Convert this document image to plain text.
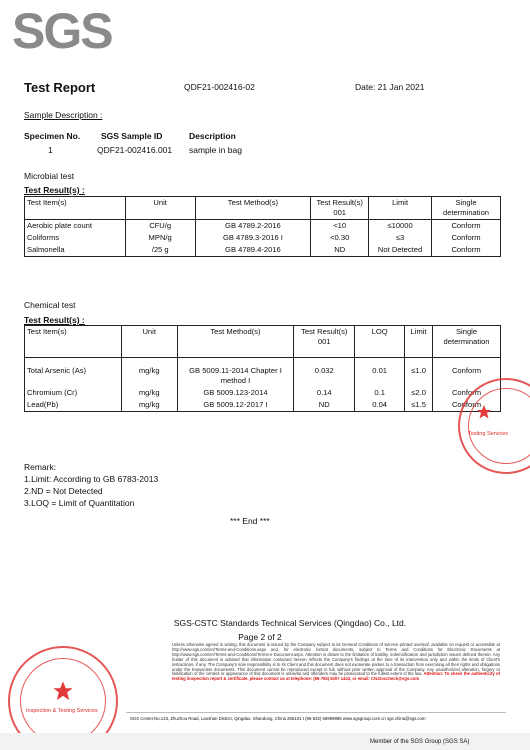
SGS
Test Report	QDF21-002416-02	Date: 21 Jan 2021
Sample Description :
Specimen No. SGS Sample ID	Description
1	QDF21-002416.001 sample in bag
Microbial test
Test Result(s) :
Test Item(s)	Unit	Test Method(s)	Test Result(s)
001	Limit	Single
determination
Aerobic plate count	CFU/g	GB 4789.2-2016	<10	≤10000	Conform
Coliforms	MPN/g	GB 4789.3-2016 I	<0.30	≤3	Conform
Salmonella	/25 g	GB 4789.4-2016	ND	Not Detected	Conform
Chemical test
Test Result(s) :
Test Item(s)	Unit	Test Method(s)	Test Result(s)
001	LOQ	Limit	Single
determination
Total Arsenic (As)	mg/kg	GB 5009.11-2014 Chapter I
method I	0.032	0.01	≤1.0	Conform
Chromium (Cr)	mg/kg	GB 5009.123-2014	0.14	0.1	≤2.0	Conform
Lead(Pb)	mg/kg	GB 5009.12-2017 I	ND	0.04	≤1.5	Conform
Testing Services
Remark:
1.Limit: According to GB 6783-2013
2.ND = Not Detected
3.LOQ = Limit of Quantitation
*** End ***
SGS-CSTC Standards Technical Services (Qingdao) Co., Ltd.
Page 2 of 2
Inspection & Testing Services
Unless otherwise agreed in writing, this document is issued by the Company subject to its General Conditions of Service printed overleaf, available on request or accessible at http://www.sgs.com/en/Terms-and-Conditions.aspx and, for electronic format documents, subject to Terms and Conditions for Electronic Documents at http://www.sgs.com/en/Terms-and-Conditions/Terms-e-Document.aspx. Attention is drawn to the limitation of liability, indemnification and jurisdiction issues defined therein. Any holder of this document is advised that information contained hereon reflects the Company's findings at the time of its intervention only and within the limits of Client's instructions, if any. The Company's sole responsibility is to its Client and this document does not exonerate parties to a transaction from exercising all their rights and obligations under the transaction documents. This document cannot be reproduced except in full, without prior written approval of the Company. Any unauthorized alteration, forgery or falsification of the content or appearance of this document is unlawful and offenders may be prosecuted to the fullest extent of the law. Attention: To check the authenticity of testing /inspection report & certificate, please contact us at telephone: (86-755) 8307 1443, or email: CN.Doccheck@sgs.com
SGS Center,No.143, Zhuzhou Road, Laoshan District, Qingdao, Shandong, China 266101 t (86-532) 68999888 www.sgsgroup.com.cn sgs.china@sgs.com
Member of the SGS Group (SGS SA)
